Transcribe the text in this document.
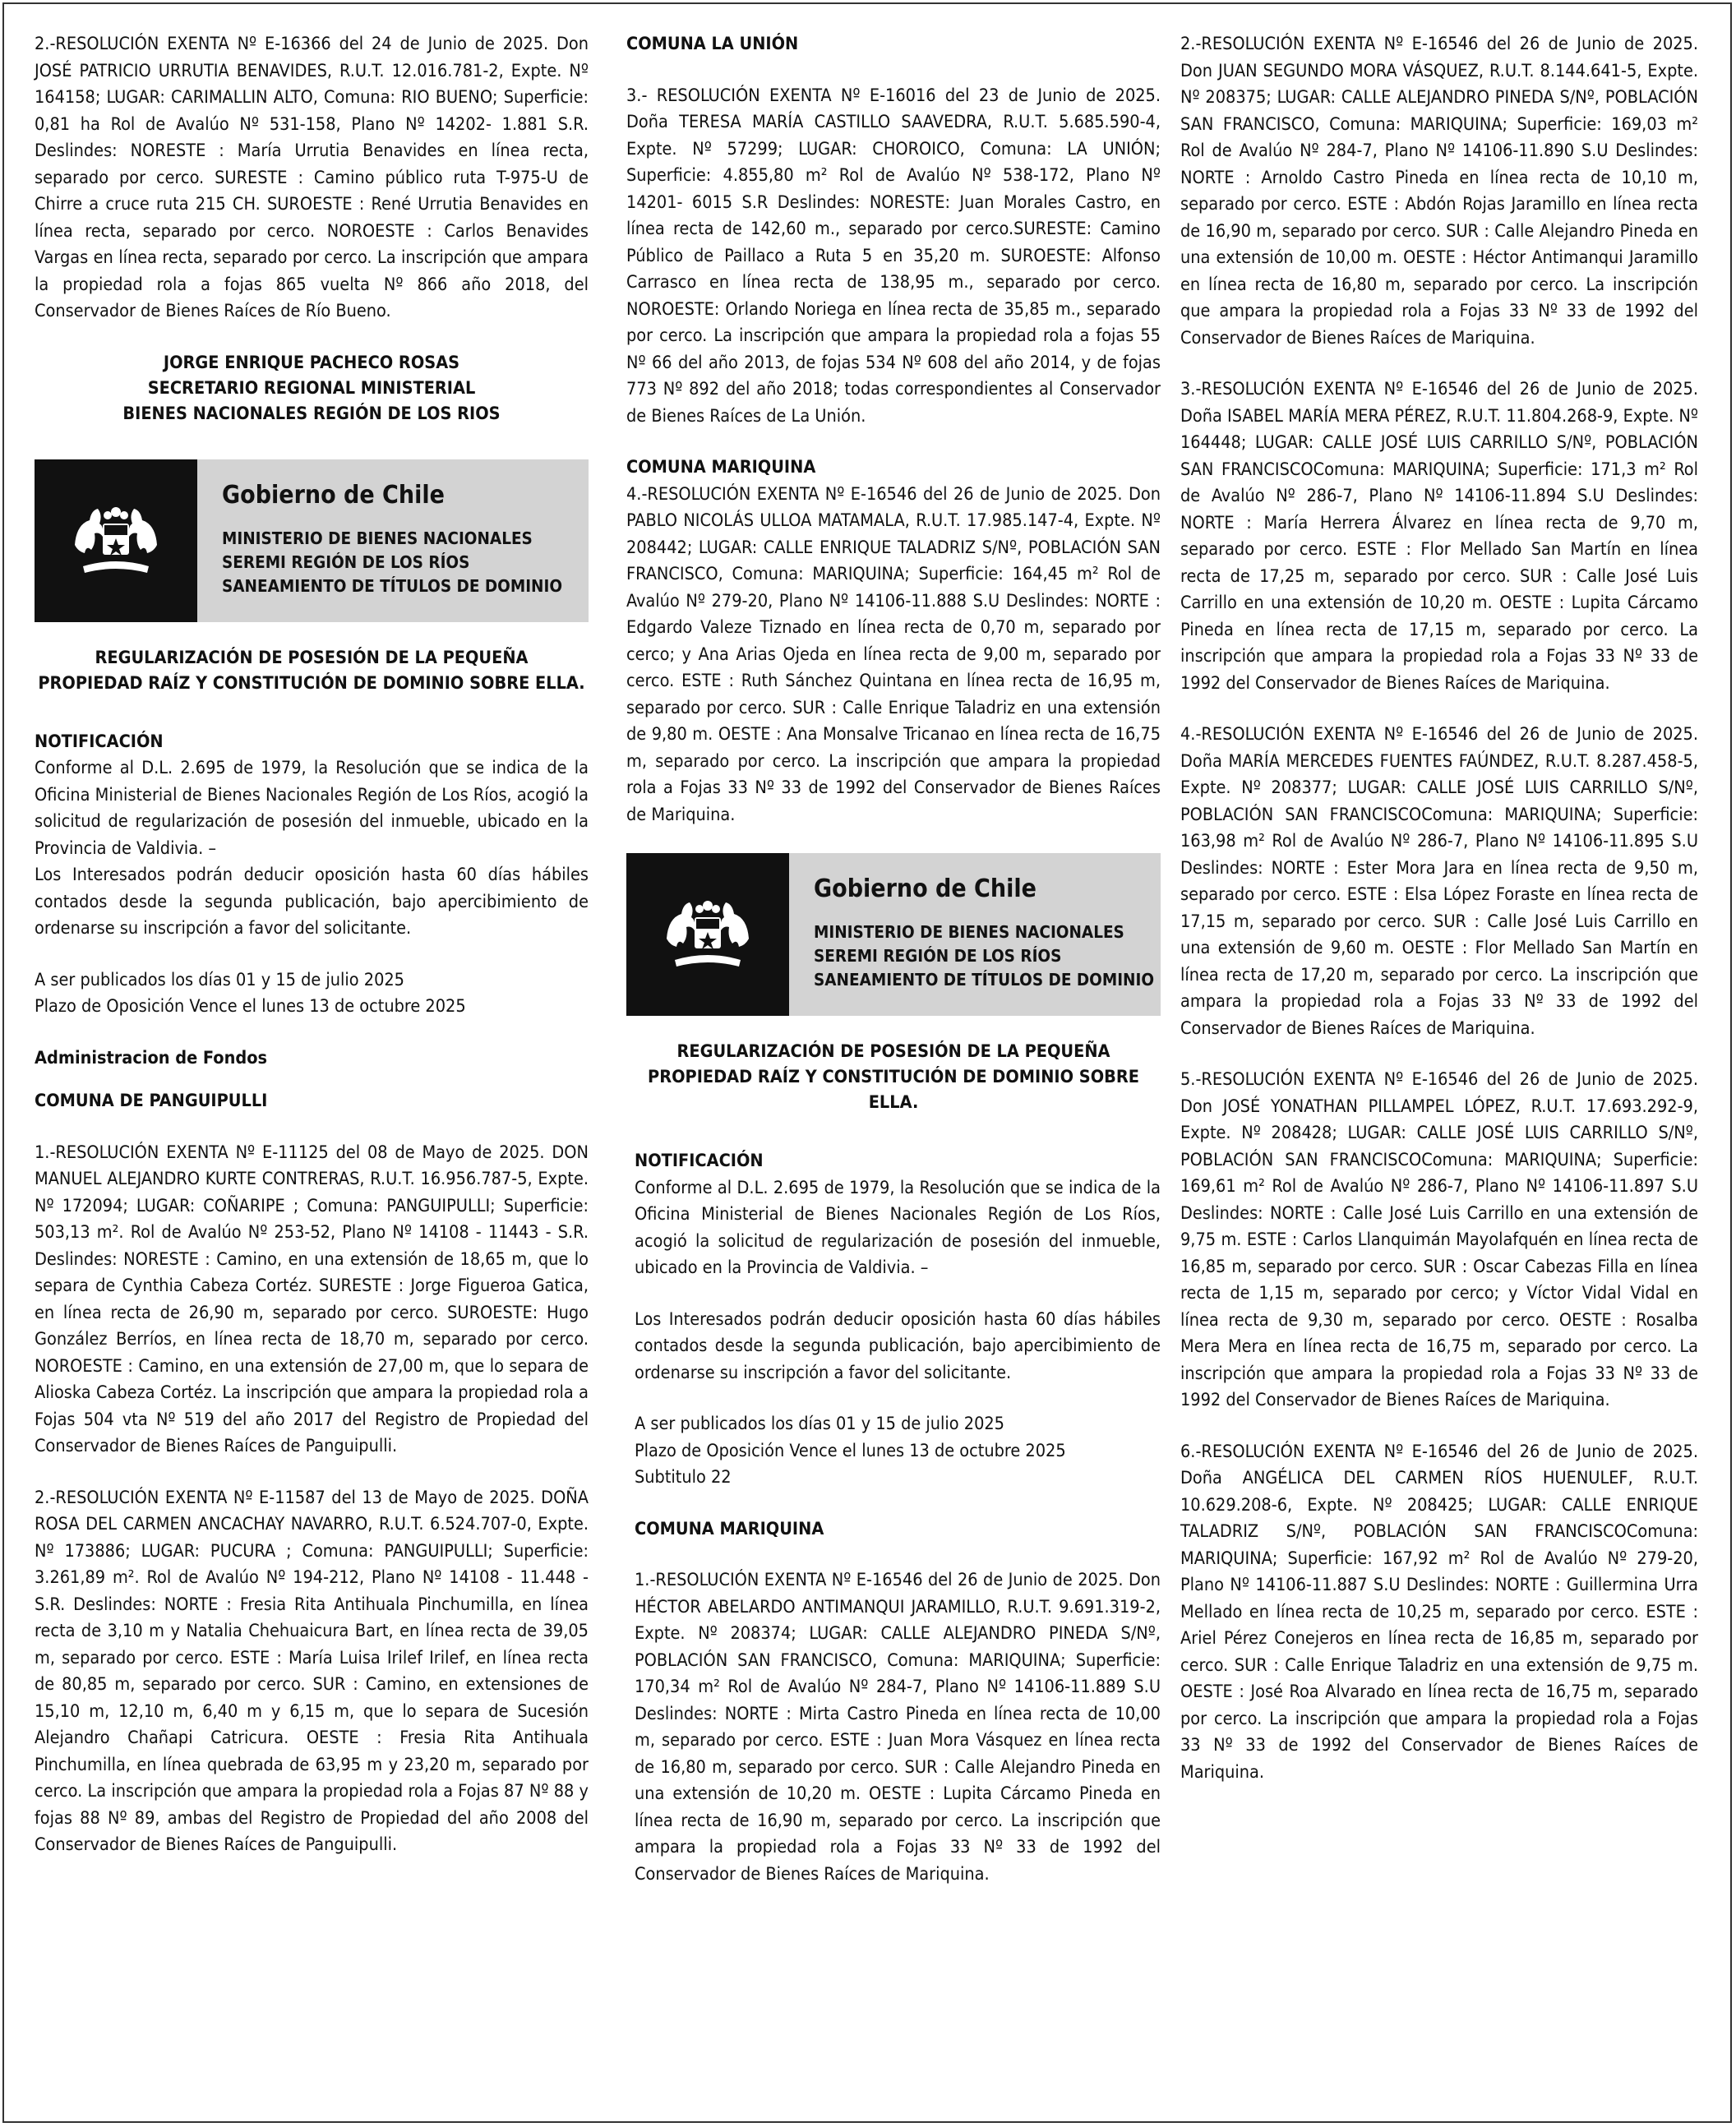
2.-RESOLUCIÓN EXENTA Nº E-16366 del 24 de Junio de 2025. Don JOSÉ PATRICIO URRUTIA BENAVIDES, R.U.T. 12.016.781-2, Expte. Nº 164158; LUGAR: CARIMALLIN ALTO, Comuna: RIO BUENO; Superficie: 0,81 ha Rol de Avalúo Nº 531-158, Plano Nº 14202- 1.881 S.R. Deslindes: NORESTE : María Urrutia Benavides en línea recta, separado por cerco. SURESTE : Camino público ruta T-975-U de Chirre a cruce ruta 215 CH. SUROESTE : René Urrutia Benavides en línea recta, separado por cerco. NOROESTE : Carlos Benavides Vargas en línea recta, separado por cerco. La inscripción que ampara la propiedad rola a fojas 865 vuelta Nº 866 año 2018, del Conservador de Bienes Raíces de Río Bueno.

JORGE ENRIQUE PACHECO ROSAS
SECRETARIO REGIONAL MINISTERIAL
BIENES NACIONALES REGIÓN DE LOS RIOS
Gobierno de Chile
MINISTERIO DE BIENES NACIONALES
SEREMI REGIÓN DE LOS RÍOS
SANEAMIENTO DE TÍTULOS DE DOMINIO
REGULARIZACIÓN DE POSESIÓN DE LA PEQUEÑA
PROPIEDAD RAÍZ Y CONSTITUCIÓN DE DOMINIO SOBRE ELLA.
NOTIFICACIÓN

Conforme al D.L. 2.695 de 1979, la Resolución que se indica de la Oficina Ministerial de Bienes Nacionales Región de Los Ríos, acogió la solicitud de regularización de posesión del inmueble, ubicado en la Provincia de Valdivia. –

Los Interesados podrán deducir oposición hasta 60 días hábiles contados desde la segunda publicación, bajo apercibimiento de ordenarse su inscripción a favor del solicitante.

A ser publicados los días 01 y 15 de julio 2025
Plazo de Oposición Vence el lunes 13 de octubre 2025

Administracion de Fondos
COMUNA DE PANGUIPULLI

1.-RESOLUCIÓN EXENTA Nº E-11125 del 08 de Mayo de 2025. DON MANUEL ALEJANDRO KURTE CONTRERAS, R.U.T. 16.956.787-5, Expte. Nº 172094; LUGAR: COÑARIPE ; Comuna: PANGUIPULLI; Superficie: 503,13 m². Rol de Avalúo Nº 253-52, Plano Nº 14108 - 11443 - S.R. Deslindes: NORESTE : Camino, en una extensión de 18,65 m, que lo separa de Cynthia Cabeza Cortéz. SURESTE : Jorge Figueroa Gatica, en línea recta de 26,90 m, separado por cerco. SUROESTE: Hugo González Berríos, en línea recta de 18,70 m, separado por cerco. NOROESTE : Camino, en una extensión de 27,00 m, que lo separa de Alioska Cabeza Cortéz. La inscripción que ampara la propiedad rola a Fojas 504 vta Nº 519 del año 2017 del Registro de Propiedad del Conservador de Bienes Raíces de Panguipulli.

2.-RESOLUCIÓN EXENTA Nº E-11587 del 13 de Mayo de 2025. DOÑA ROSA DEL CARMEN ANCACHAY NAVARRO, R.U.T. 6.524.707-0, Expte. Nº 173886; LUGAR: PUCURA ; Comuna: PANGUIPULLI; Superficie: 3.261,89 m². Rol de Avalúo Nº 194-212, Plano Nº 14108 - 11.448 - S.R. Deslindes: NORTE : Fresia Rita Antihuala Pinchumilla, en línea recta de 3,10 m y Natalia Chehuaicura Bart, en línea recta de 39,05 m, separado por cerco. ESTE : María Luisa Irilef Irilef, en línea recta de 80,85 m, separado por cerco. SUR : Camino, en extensiones de 15,10 m, 12,10 m, 6,40 m y 6,15 m, que lo separa de Sucesión Alejandro Chañapi Catricura. OESTE : Fresia Rita Antihuala Pinchumilla, en línea quebrada de 63,95 m y 23,20 m, separado por cerco. La inscripción que ampara la propiedad rola a Fojas 87 Nº 88 y fojas 88 Nº 89, ambas del Registro de Propiedad del año 2008 del Conservador de Bienes Raíces de Panguipulli.

COMUNA LA UNIÓN

3.- RESOLUCIÓN EXENTA Nº E-16016 del 23 de Junio de 2025. Doña TERESA MARÍA CASTILLO SAAVEDRA, R.U.T. 5.685.590-4, Expte. Nº 57299; LUGAR: CHOROICO, Comuna: LA UNIÓN; Superficie: 4.855,80 m² Rol de Avalúo Nº 538-172, Plano Nº 14201- 6015 S.R Deslindes: NORESTE: Juan Morales Castro, en línea recta de 142,60 m., separado por cerco.SURESTE: Camino Público de Paillaco a Ruta 5 en 35,20 m. SUROESTE: Alfonso Carrasco en línea recta de 138,95 m., separado por cerco. NOROESTE: Orlando Noriega en línea recta de 35,85 m., separado por cerco. La inscripción que ampara la propiedad rola a fojas 55 Nº 66 del año 2013, de fojas 534 Nº 608 del año 2014, y de fojas 773 Nº 892 del año 2018; todas correspondientes al Conservador de Bienes Raíces de La Unión.

COMUNA MARIQUINA

4.-RESOLUCIÓN EXENTA Nº E-16546 del 26 de Junio de 2025. Don PABLO NICOLÁS ULLOA MATAMALA, R.U.T. 17.985.147-4, Expte. Nº 208442; LUGAR: CALLE ENRIQUE TALADRIZ S/Nº, POBLACIÓN SAN FRANCISCO, Comuna: MARIQUINA; Superficie: 164,45 m² Rol de Avalúo Nº 279-20, Plano Nº 14106-11.888 S.U Deslindes: NORTE : Edgardo Valeze Tiznado en línea recta de 0,70 m, separado por cerco; y Ana Arias Ojeda en línea recta de 9,00 m, separado por cerco. ESTE : Ruth Sánchez Quintana en línea recta de 16,95 m, separado por cerco. SUR : Calle Enrique Taladriz en una extensión de 9,80 m. OESTE : Ana Monsalve Tricanao en línea recta de 16,75 m, separado por cerco. La inscripción que ampara la propiedad rola a Fojas 33 Nº 33 de 1992 del Conservador de Bienes Raíces de Mariquina.

Gobierno de Chile
MINISTERIO DE BIENES NACIONALES
SEREMI REGIÓN DE LOS RÍOS
SANEAMIENTO DE TÍTULOS DE DOMINIO
REGULARIZACIÓN DE POSESIÓN DE LA PEQUEÑA
PROPIEDAD RAÍZ Y CONSTITUCIÓN DE DOMINIO SOBRE ELLA.
NOTIFICACIÓN

Conforme al D.L. 2.695 de 1979, la Resolución que se indica de la Oficina Ministerial de Bienes Nacionales Región de Los Ríos, acogió la solicitud de regularización de posesión del inmueble, ubicado en la Provincia de Valdivia. –

Los Interesados podrán deducir oposición hasta 60 días hábiles contados desde la segunda publicación, bajo apercibimiento de ordenarse su inscripción a favor del solicitante.

A ser publicados los días 01 y 15 de julio 2025
Plazo de Oposición Vence el lunes 13 de octubre 2025
Subtitulo 22

COMUNA MARIQUINA

1.-RESOLUCIÓN EXENTA Nº E-16546 del 26 de Junio de 2025. Don HÉCTOR ABELARDO ANTIMANQUI JARAMILLO, R.U.T. 9.691.319-2, Expte. Nº 208374; LUGAR: CALLE ALEJANDRO PINEDA S/Nº, POBLACIÓN SAN FRANCISCO, Comuna: MARIQUINA; Superficie: 170,34 m² Rol de Avalúo Nº 284-7, Plano Nº 14106-11.889 S.U Deslindes: NORTE : Mirta Castro Pineda en línea recta de 10,00 m, separado por cerco. ESTE : Juan Mora Vásquez en línea recta de 16,80 m, separado por cerco. SUR : Calle Alejandro Pineda en una extensión de 10,20 m. OESTE : Lupita Cárcamo Pineda en línea recta de 16,90 m, separado por cerco. La inscripción que ampara la propiedad rola a Fojas 33 Nº 33 de 1992 del Conservador de Bienes Raíces de Mariquina.

2.-RESOLUCIÓN EXENTA Nº E-16546 del 26 de Junio de 2025. Don JUAN SEGUNDO MORA VÁSQUEZ, R.U.T. 8.144.641-5, Expte. Nº 208375; LUGAR: CALLE ALEJANDRO PINEDA S/Nº, POBLACIÓN SAN FRANCISCO, Comuna: MARIQUINA; Superficie: 169,03 m² Rol de Avalúo Nº 284-7, Plano Nº 14106-11.890 S.U Deslindes: NORTE : Arnoldo Castro Pineda en línea recta de 10,10 m, separado por cerco. ESTE : Abdón Rojas Jaramillo en línea recta de 16,90 m, separado por cerco. SUR : Calle Alejandro Pineda en una extensión de 10,00 m. OESTE : Héctor Antimanqui Jaramillo en línea recta de 16,80 m, separado por cerco. La inscripción que ampara la propiedad rola a Fojas 33 Nº 33 de 1992 del Conservador de Bienes Raíces de Mariquina.

3.-RESOLUCIÓN EXENTA Nº E-16546 del 26 de Junio de 2025. Doña ISABEL MARÍA MERA PÉREZ, R.U.T. 11.804.268-9, Expte. Nº 164448; LUGAR: CALLE JOSÉ LUIS CARRILLO S/Nº, POBLACIÓN SAN FRANCISCOComuna: MARIQUINA; Superficie: 171,3 m² Rol de Avalúo Nº 286-7, Plano Nº 14106-11.894 S.U Deslindes: NORTE : María Herrera Álvarez en línea recta de 9,70 m, separado por cerco. ESTE : Flor Mellado San Martín en línea recta de 17,25 m, separado por cerco. SUR : Calle José Luis Carrillo en una extensión de 10,20 m. OESTE : Lupita Cárcamo Pineda en línea recta de 17,15 m, separado por cerco. La inscripción que ampara la propiedad rola a Fojas 33 Nº 33 de 1992 del Conservador de Bienes Raíces de Mariquina.

4.-RESOLUCIÓN EXENTA Nº E-16546 del 26 de Junio de 2025. Doña MARÍA MERCEDES FUENTES FAÚNDEZ, R.U.T. 8.287.458-5, Expte. Nº 208377; LUGAR: CALLE JOSÉ LUIS CARRILLO S/Nº, POBLACIÓN SAN FRANCISCOComuna: MARIQUINA; Superficie: 163,98 m² Rol de Avalúo Nº 286-7, Plano Nº 14106-11.895 S.U Deslindes: NORTE : Ester Mora Jara en línea recta de 9,50 m, separado por cerco. ESTE : Elsa López Foraste en línea recta de 17,15 m, separado por cerco. SUR : Calle José Luis Carrillo en una extensión de 9,60 m. OESTE : Flor Mellado San Martín en línea recta de 17,20 m, separado por cerco. La inscripción que ampara la propiedad rola a Fojas 33 Nº 33 de 1992 del Conservador de Bienes Raíces de Mariquina.

5.-RESOLUCIÓN EXENTA Nº E-16546 del 26 de Junio de 2025. Don JOSÉ YONATHAN PILLAMPEL LÓPEZ, R.U.T. 17.693.292-9, Expte. Nº 208428; LUGAR: CALLE JOSÉ LUIS CARRILLO S/Nº, POBLACIÓN SAN FRANCISCOComuna: MARIQUINA; Superficie: 169,61 m² Rol de Avalúo Nº 286-7, Plano Nº 14106-11.897 S.U Deslindes: NORTE : Calle José Luis Carrillo en una extensión de 9,75 m. ESTE : Carlos Llanquimán Mayolafquén en línea recta de 16,85 m, separado por cerco. SUR : Oscar Cabezas Filla en línea recta de 1,15 m, separado por cerco; y Víctor Vidal Vidal en línea recta de 9,30 m, separado por cerco. OESTE : Rosalba Mera Mera en línea recta de 16,75 m, separado por cerco. La inscripción que ampara la propiedad rola a Fojas 33 Nº 33 de 1992 del Conservador de Bienes Raíces de Mariquina.

6.-RESOLUCIÓN EXENTA Nº E-16546 del 26 de Junio de 2025. Doña ANGÉLICA DEL CARMEN RÍOS HUENULEF, R.U.T. 10.629.208-6, Expte. Nº 208425; LUGAR: CALLE ENRIQUE TALADRIZ S/Nº, POBLACIÓN SAN FRANCISCOComuna: MARIQUINA; Superficie: 167,92 m² Rol de Avalúo Nº 279-20, Plano Nº 14106-11.887 S.U Deslindes: NORTE : Guillermina Urra Mellado en línea recta de 10,25 m, separado por cerco. ESTE : Ariel Pérez Conejeros en línea recta de 16,85 m, separado por cerco. SUR : Calle Enrique Taladriz en una extensión de 9,75 m. OESTE : José Roa Alvarado en línea recta de 16,75 m, separado por cerco. La inscripción que ampara la propiedad rola a Fojas 33 Nº 33 de 1992 del Conservador de Bienes Raíces de Mariquina.
